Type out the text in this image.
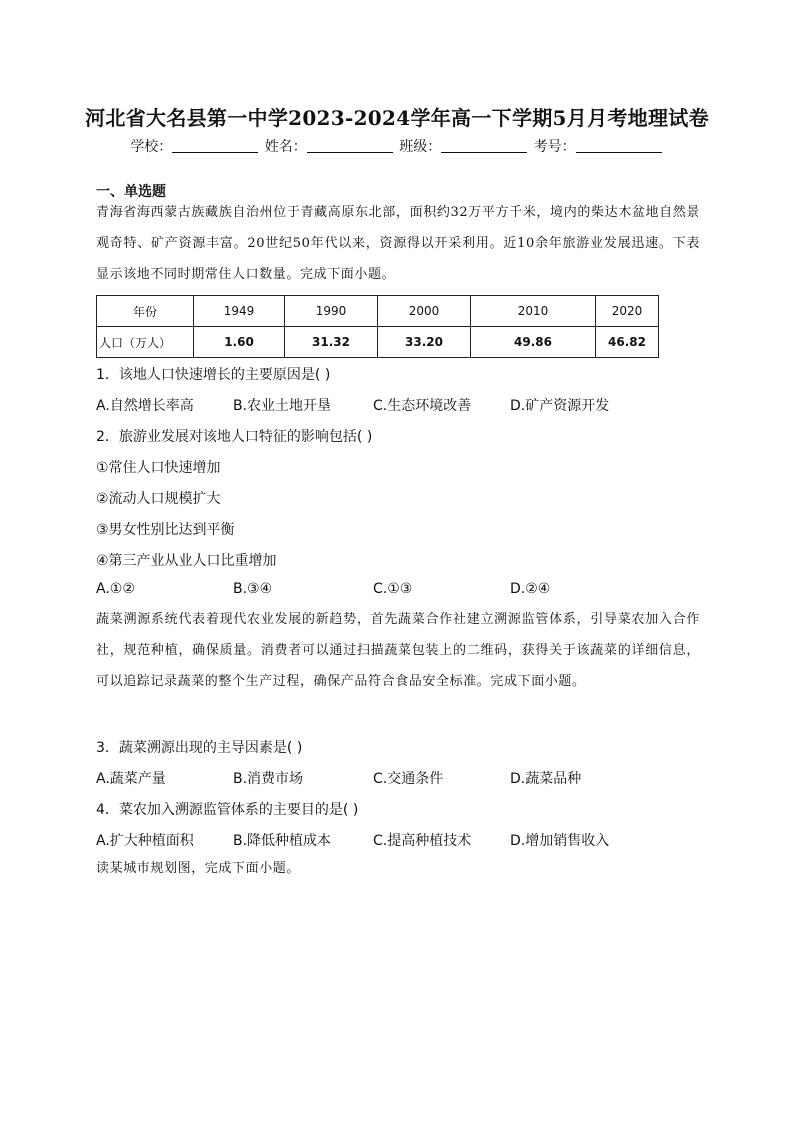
河北省大名县第一中学2023-2024学年高一下学期5月月考地理试卷
学校：	姓名：	班级：	考号：
一、单选题
青海省海西蒙古族藏族自治州位于青藏高原东北部，面积约32万平方千米，境内的柴达木盆地自然景观奇特、矿产资源丰富。20世纪50年代以来，资源得以开采利用。近10余年旅游业发展迅速。下表显示该地不同时期常住人口数量。完成下面小题。
年份	1949	1990	2000	2010	2020
人口（万人）	1.60	31.32	33.20	49.86	46.82
1．该地人口快速增长的主要原因是( )
A.自然增长率高	B.农业土地开垦	C.生态环境改善	D.矿产资源开发
2．旅游业发展对该地人口特征的影响包括( )
①常住人口快速增加
②流动人口规模扩大
③男女性别比达到平衡
④第三产业从业人口比重增加
A.①②	B.③④	C.①③	D.②④
蔬菜溯源系统代表着现代农业发展的新趋势，首先蔬菜合作社建立溯源监管体系，引导菜农加入合作社，规范种植，确保质量。消费者可以通过扫描蔬菜包装上的二维码，获得关于该蔬菜的详细信息，可以追踪记录蔬菜的整个生产过程，确保产品符合食品安全标准。完成下面小题。
3．蔬菜溯源出现的主导因素是( )
A.蔬菜产量	B.消费市场	C.交通条件	D.蔬菜品种
4．菜农加入溯源监管体系的主要目的是( )
A.扩大种植面积	B.降低种植成本	C.提高种植技术	D.增加销售收入
读某城市规划图，完成下面小题。
